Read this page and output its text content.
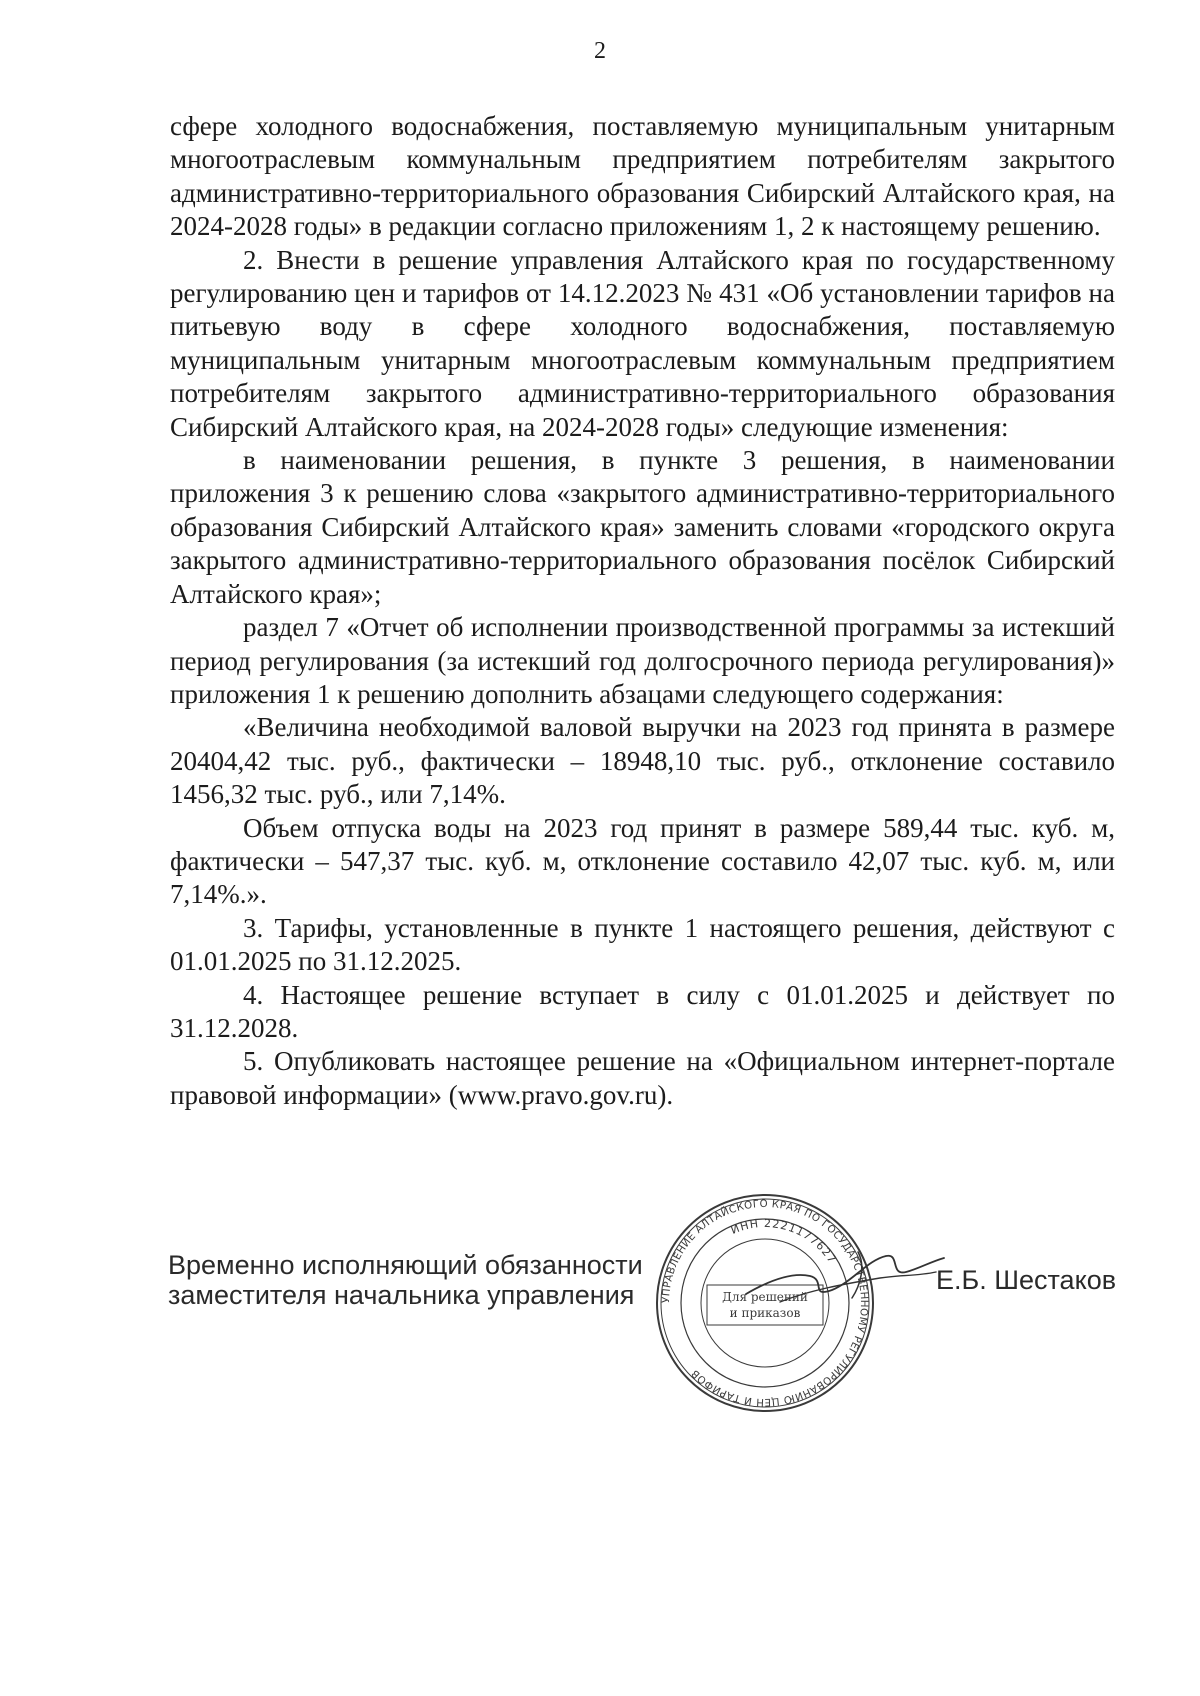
2

сфере холодного водоснабжения, поставляемую муниципальным унитарным многоотраслевым коммунальным предприятием потребителям закрытого административно-территориального образования Сибирский Алтайского края, на 2024-2028 годы» в редакции согласно приложениям 1, 2 к настоящему решению.

2. Внести в решение управления Алтайского края по государственному регулированию цен и тарифов от 14.12.2023 № 431 «Об установлении тарифов на питьевую воду в сфере холодного водоснабжения, поставляемую муниципальным унитарным многоотраслевым коммунальным предприятием потребителям закрытого административно-территориального образования Сибирский Алтайского края, на 2024-2028 годы» следующие изменения:

в наименовании решения, в пункте 3 решения, в наименовании приложения 3 к решению слова «закрытого административно-территориального образования Сибирский Алтайского края» заменить словами «городского округа закрытого административно-территориального образования посёлок Сибирский Алтайского края»;

раздел 7 «Отчет об исполнении производственной программы за истекший период регулирования (за истекший год долгосрочного периода регулирования)» приложения 1 к решению дополнить абзацами следующего содержания:

«Величина необходимой валовой выручки на 2023 год принята в размере 20404,42 тыс. руб., фактически – 18948,10 тыс. руб., отклонение составило 1456,32 тыс. руб., или 7,14%.

Объем отпуска воды на 2023 год принят в размере 589,44 тыс. куб. м, фактически – 547,37 тыс. куб. м, отклонение составило 42,07 тыс. куб. м, или 7,14%.».

3. Тарифы, установленные в пункте 1 настоящего решения, действуют с 01.01.2025 по 31.12.2025.

4. Настоящее решение вступает в силу с 01.01.2025 и действует по 31.12.2028.

5. Опубликовать настоящее решение на «Официальном интернет-портале правовой информации» (www.pravo.gov.ru).

Временно исполняющий обязанности
заместителя начальника управления	УПРАВЛЕНИЕ АЛТАЙСКОГО КРАЯ ПО ГОСУДАРСТВЕННОМУ РЕГУЛИРОВАНИЮ ЦЕН И ТАРИФОВ
ИНН 2221177627
Для решений
и приказов
Е.Б. Шестаков
